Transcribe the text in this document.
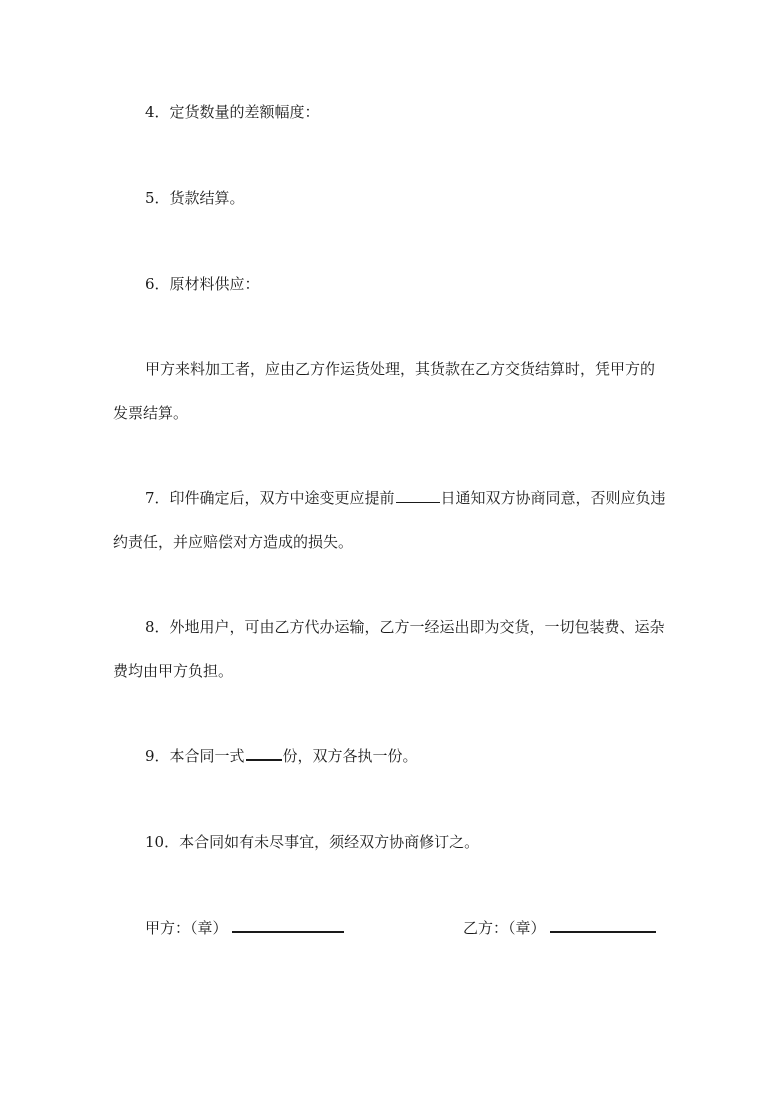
4．定货数量的差额幅度：
5．货款结算。
6．原材料供应：
甲方来料加工者，应由乙方作运货处理，其货款在乙方交货结算时，凭甲方的
发票结算。
7．印件确定后，双方中途变更应提前	日通知双方协商同意，否则应负违
约责任，并应赔偿对方造成的损失。
8．外地用户，可由乙方代办运输，乙方一经运出即为交货，一切包装费、运杂
费均由甲方负担。
9．本合同一式	份，双方各执一份。
10．本合同如有未尽事宜，须经双方协商修订之。
甲方：（章）	乙方：（章）
